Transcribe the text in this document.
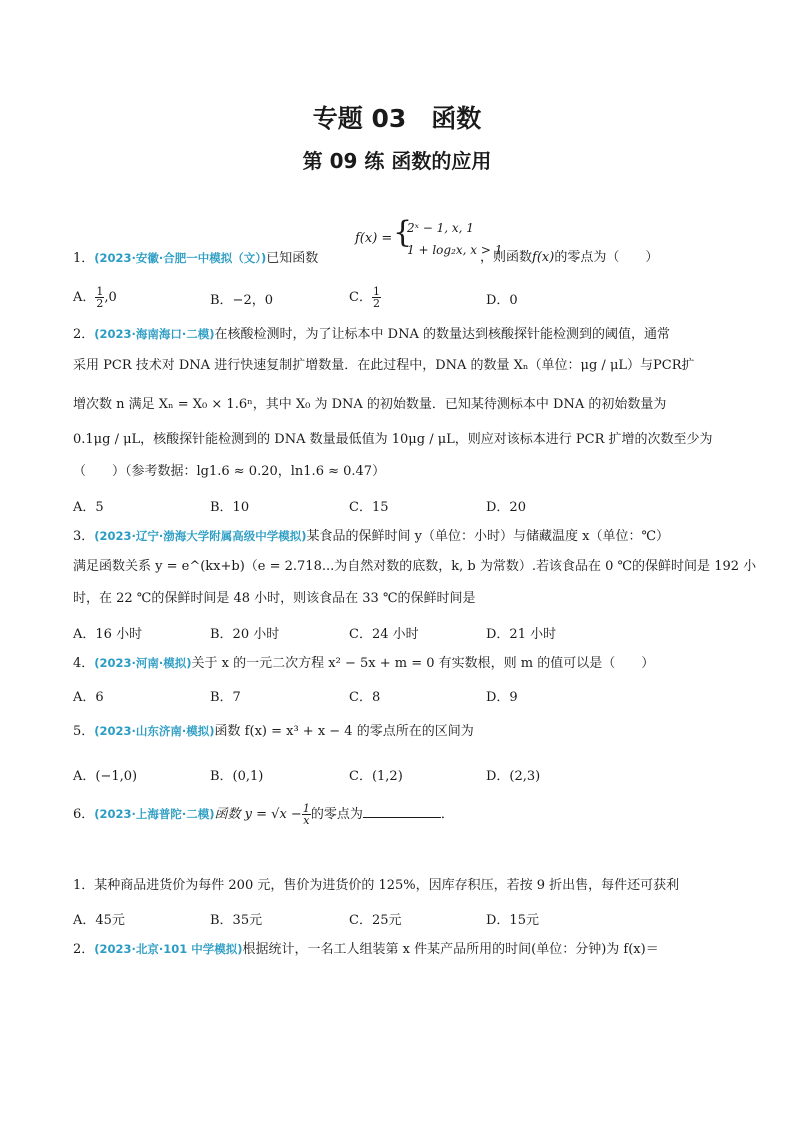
专题 03　函数
第 09 练 函数的应用
f(x) = {
2ˣ − 1, x, 1
1 + log₂x, x > 1
1．(2023·安徽·合肥一中模拟（文）)已知函数	，则函数f(x)的零点为（　　）
A． $\frac{1}{2} ,0$	B．−2，0	C． $\frac{1}{2}$	D．0
2．(2023·海南海口·二模)在核酸检测时，为了让标本中 DNA 的数量达到核酸探针能检测到的阈值，通常
采用 PCR 技术对 DNA 进行快速复制扩增数量．在此过程中，DNA 的数量 Xₙ（单位：μg / μL）与PCR扩
增次数 n 满足 Xₙ = X₀ × 1.6ⁿ，其中 X₀ 为 DNA 的初始数量．已知某待测标本中 DNA 的初始数量为
0.1μg / μL，核酸探针能检测到的 DNA 数量最低值为 10μg / μL，则应对该标本进行 PCR 扩增的次数至少为
（　　）（参考数据：lg1.6 ≈ 0.20，ln1.6 ≈ 0.47）
A．5	B．10	C．15	D．20
3．(2023·辽宁·渤海大学附属高级中学模拟)某食品的保鲜时间 y（单位：小时）与储藏温度 x（单位：℃）
满足函数关系 y = e^(kx+b)（e = 2.718...为自然对数的底数，k, b 为常数）.若该食品在 0 ℃的保鲜时间是 192 小
时，在 22 ℃的保鲜时间是 48 小时，则该食品在 33 ℃的保鲜时间是
A．16 小时	B．20 小时	C．24 小时	D．21 小时
4．(2023·河南·模拟)关于 x 的一元二次方程 x² − 5x + m = 0 有实数根，则 m 的值可以是（　　）
A．6	B．7	C．8	D．9
5．(2023·山东济南·模拟)函数 f(x) = x³ + x − 4 的零点所在的区间为
A．(−1,0)	B．(0,1)	C．(1,2)	D．(2,3)
6．(2023·上海普陀·二模)函数 $y = √x - \frac{1}{x}$ 的零点为	．
1．某种商品进货价为每件 200 元，售价为进货价的 125%，因库存积压，若按 9 折出售，每件还可获利
A．45元	B．35元	C．25元	D．15元
2．(2023·北京·101 中学模拟)根据统计，一名工人组装第 x 件某产品所用的时间(单位：分钟)为 f(x)＝
